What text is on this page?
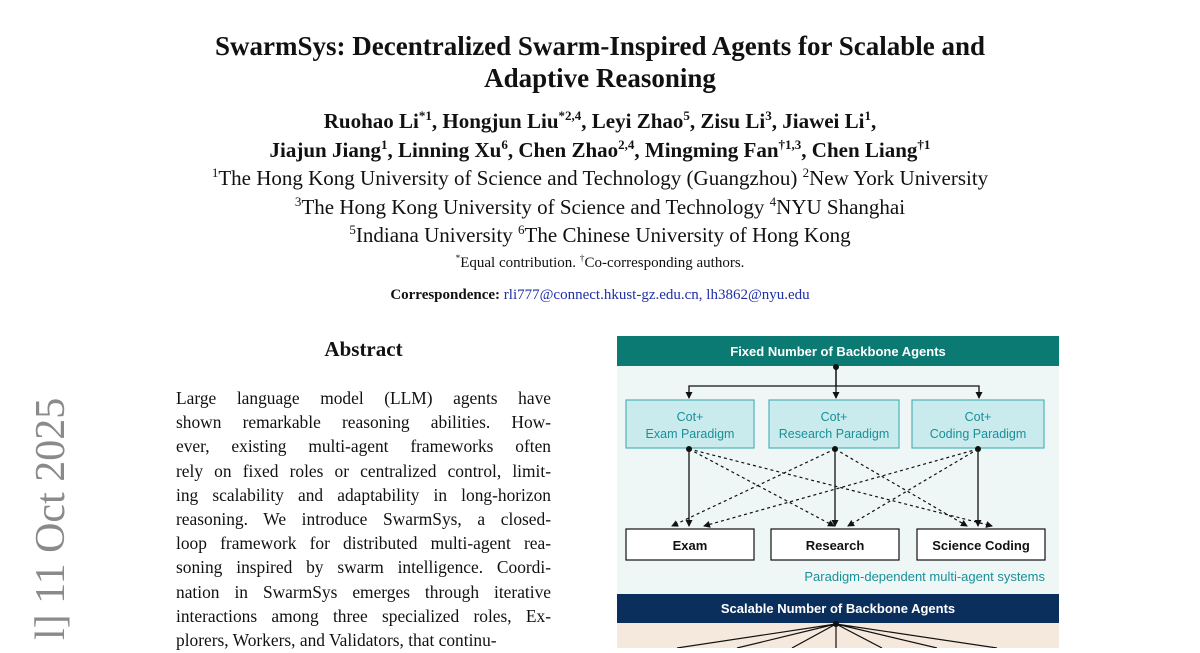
SwarmSys: Decentralized Swarm-Inspired Agents for Scalable and
Adaptive Reasoning
Ruohao Li$^{*1}$, Hongjun Liu$^{*2,4}$, Leyi Zhao$^5$, Zisu Li$^3$, Jiawei Li$^1$,
Jiajun Jiang$^1$, Linning Xu$^6$, Chen Zhao$^{2,4}$, Mingming Fan$^{\dagger 1,3}$, Chen Liang$^{\dagger 1}$
$^1$The Hong Kong University of Science and Technology (Guangzhou) $^2$New York University
$^3$The Hong Kong University of Science and Technology $^4$NYU Shanghai
$^5$Indiana University $^6$The Chinese University of Hong Kong
*Equal contribution. †Co-corresponding authors.
Correspondence: rli777@connect.hkust-gz.edu.cn, lh3862@nyu.edu
Abstract
Large language model (LLM) agents have
shown remarkable reasoning abilities. How-
ever, existing multi-agent frameworks often
rely on fixed roles or centralized control, limit-
ing scalability and adaptability in long-horizon
reasoning. We introduce SwarmSys, a closed-
loop framework for distributed multi-agent rea-
soning inspired by swarm intelligence. Coordi-
nation in SwarmSys emerges through iterative
interactions among three specialized roles, Ex-
plorers, Workers, and Validators, that continu-
l] 11 Oct 2025
Fixed Number of Backbone Agents
Cot+
Exam Paradigm
Cot+
Research Paradigm
Cot+
Coding Paradigm
Exam	Research	Science Coding
Paradigm-dependent multi-agent systems
Scalable Number of Backbone Agents
